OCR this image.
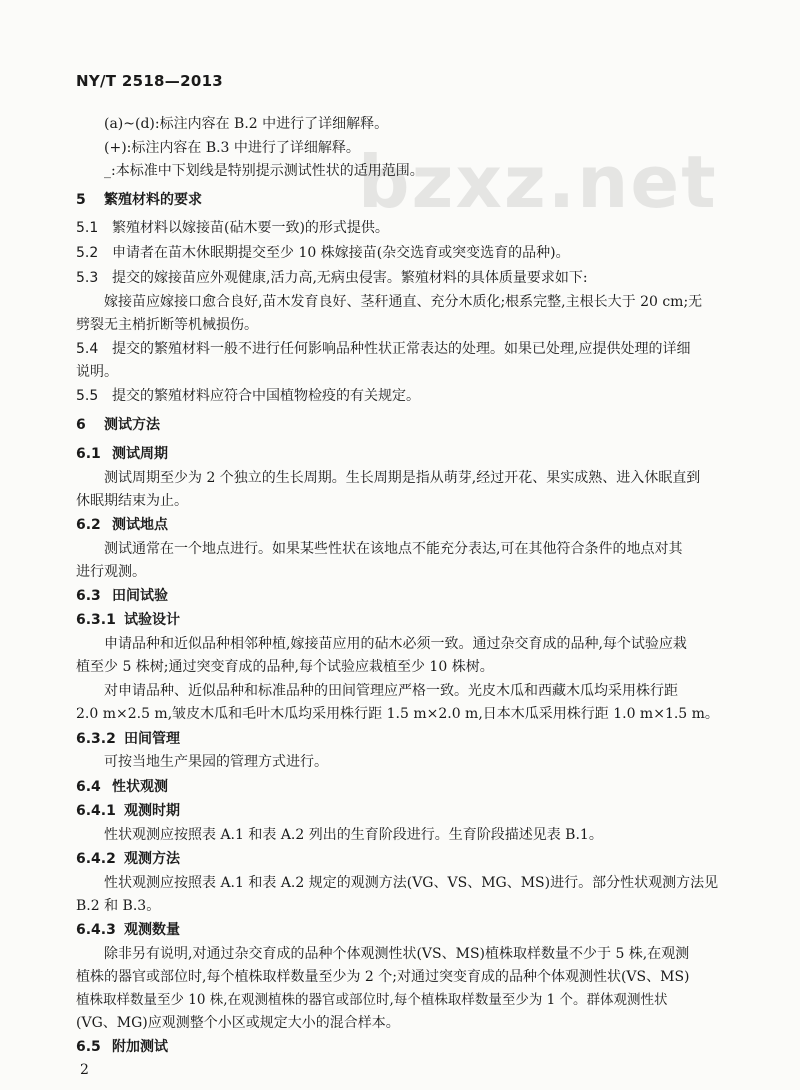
NY/T 2518—2013
bzxz.net
(a)~(d):标注内容在 B.2 中进行了详细解释。
(+):标注内容在 B.3 中进行了详细解释。
_:本标准中下划线是特别提示测试性状的适用范围。
5 繁殖材料的要求
5.1 繁殖材料以嫁接苗(砧木要一致)的形式提供。
5.2 申请者在苗木休眠期提交至少 10 株嫁接苗(杂交选育或突变选育的品种)。
5.3 提交的嫁接苗应外观健康,活力高,无病虫侵害。繁殖材料的具体质量要求如下:
嫁接苗应嫁接口愈合良好,苗木发育良好、茎秆通直、充分木质化;根系完整,主根长大于 20 cm;无
劈裂无主梢折断等机械损伤。
5.4 提交的繁殖材料一般不进行任何影响品种性状正常表达的处理。如果已处理,应提供处理的详细
说明。
5.5 提交的繁殖材料应符合中国植物检疫的有关规定。
6 测试方法
6.1 测试周期
测试周期至少为 2 个独立的生长周期。生长周期是指从萌芽,经过开花、果实成熟、进入休眠直到
休眠期结束为止。
6.2 测试地点
测试通常在一个地点进行。如果某些性状在该地点不能充分表达,可在其他符合条件的地点对其
进行观测。
6.3 田间试验
6.3.1 试验设计
申请品种和近似品种相邻种植,嫁接苗应用的砧木必须一致。通过杂交育成的品种,每个试验应栽
植至少 5 株树;通过突变育成的品种,每个试验应栽植至少 10 株树。
对申请品种、近似品种和标准品种的田间管理应严格一致。光皮木瓜和西藏木瓜均采用株行距
2.0 m×2.5 m,皱皮木瓜和毛叶木瓜均采用株行距 1.5 m×2.0 m,日本木瓜采用株行距 1.0 m×1.5 m。
6.3.2 田间管理
可按当地生产果园的管理方式进行。
6.4 性状观测
6.4.1 观测时期
性状观测应按照表 A.1 和表 A.2 列出的生育阶段进行。生育阶段描述见表 B.1。
6.4.2 观测方法
性状观测应按照表 A.1 和表 A.2 规定的观测方法(VG、VS、MG、MS)进行。部分性状观测方法见
B.2 和 B.3。
6.4.3 观测数量
除非另有说明,对通过杂交育成的品种个体观测性状(VS、MS)植株取样数量不少于 5 株,在观测
植株的器官或部位时,每个植株取样数量至少为 2 个;对通过突变育成的品种个体观测性状(VS、MS)
植株取样数量至少 10 株,在观测植株的器官或部位时,每个植株取样数量至少为 1 个。群体观测性状
(VG、MG)应观测整个小区或规定大小的混合样本。
6.5 附加测试
2
